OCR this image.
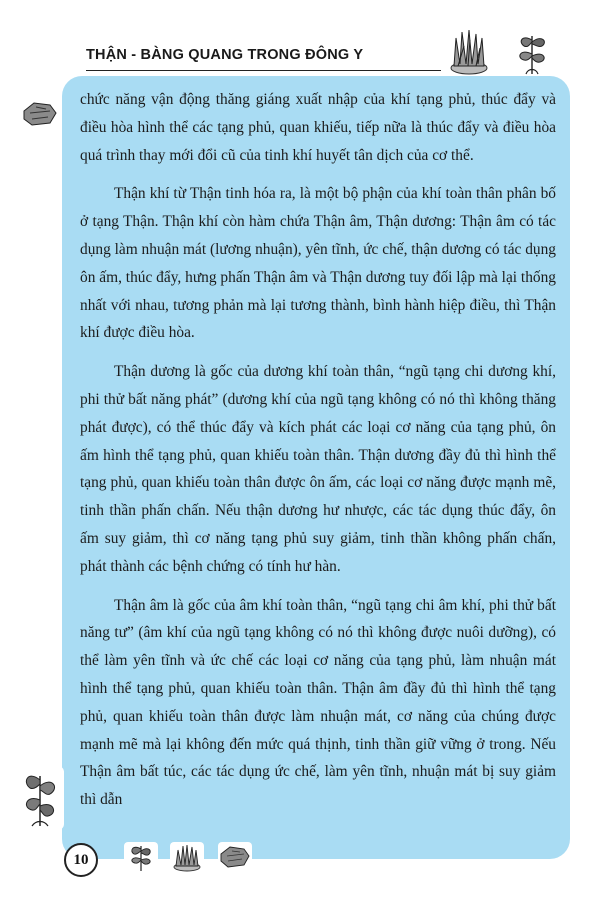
THẬN - BÀNG QUANG TRONG ĐÔNG Y

chức năng vận động thăng giáng xuất nhập của khí tạng phủ, thúc đẩy và điều hòa hình thể các tạng phủ, quan khiếu, tiếp nữa là thúc đẩy và điều hòa quá trình thay mới đổi cũ của tinh khí huyết tân dịch của cơ thể.

Thận khí từ Thận tinh hóa ra, là một bộ phận của khí toàn thân phân bố ở tạng Thận. Thận khí còn hàm chứa Thận âm, Thận dương: Thận âm có tác dụng làm nhuận mát (lương nhuận), yên tĩnh, ức chế, thận dương có tác dụng ôn ấm, thúc đẩy, hưng phấn Thận âm và Thận dương tuy đối lập mà lại thống nhất với nhau, tương phản mà lại tương thành, bình hành hiệp điều, thì Thận khí được điều hòa.

Thận dương là gốc của dương khí toàn thân, “ngũ tạng chi dương khí, phi thử bất năng phát” (dương khí của ngũ tạng không có nó thì không thăng phát được), có thể thúc đẩy và kích phát các loại cơ năng của tạng phủ, ôn ấm hình thể tạng phủ, quan khiếu toàn thân. Thận dương đầy đủ thì hình thể tạng phủ, quan khiếu toàn thân được ôn ấm, các loại cơ năng được mạnh mẽ, tinh thần phấn chấn. Nếu thận dương hư nhược, các tác dụng thúc đẩy, ôn ấm suy giảm, thì cơ năng tạng phủ suy giảm, tinh thần không phấn chấn, phát thành các bệnh chứng có tính hư hàn.

Thận âm là gốc của âm khí toàn thân, “ngũ tạng chi âm khí, phi thử bất năng tư” (âm khí của ngũ tạng không có nó thì không được nuôi dưỡng), có thể làm yên tĩnh và ức chế các loại cơ năng của tạng phủ, làm nhuận mát hình thể tạng phủ, quan khiếu toàn thân. Thận âm đầy đủ thì hình thể tạng phủ, quan khiếu toàn thân được làm nhuận mát, cơ năng của chúng được mạnh mẽ mà lại không đến mức quá thịnh, tinh thần giữ vững ở trong. Nếu Thận âm bất túc, các tác dụng ức chế, làm yên tĩnh, nhuận mát bị suy giảm thì dẫn

10
